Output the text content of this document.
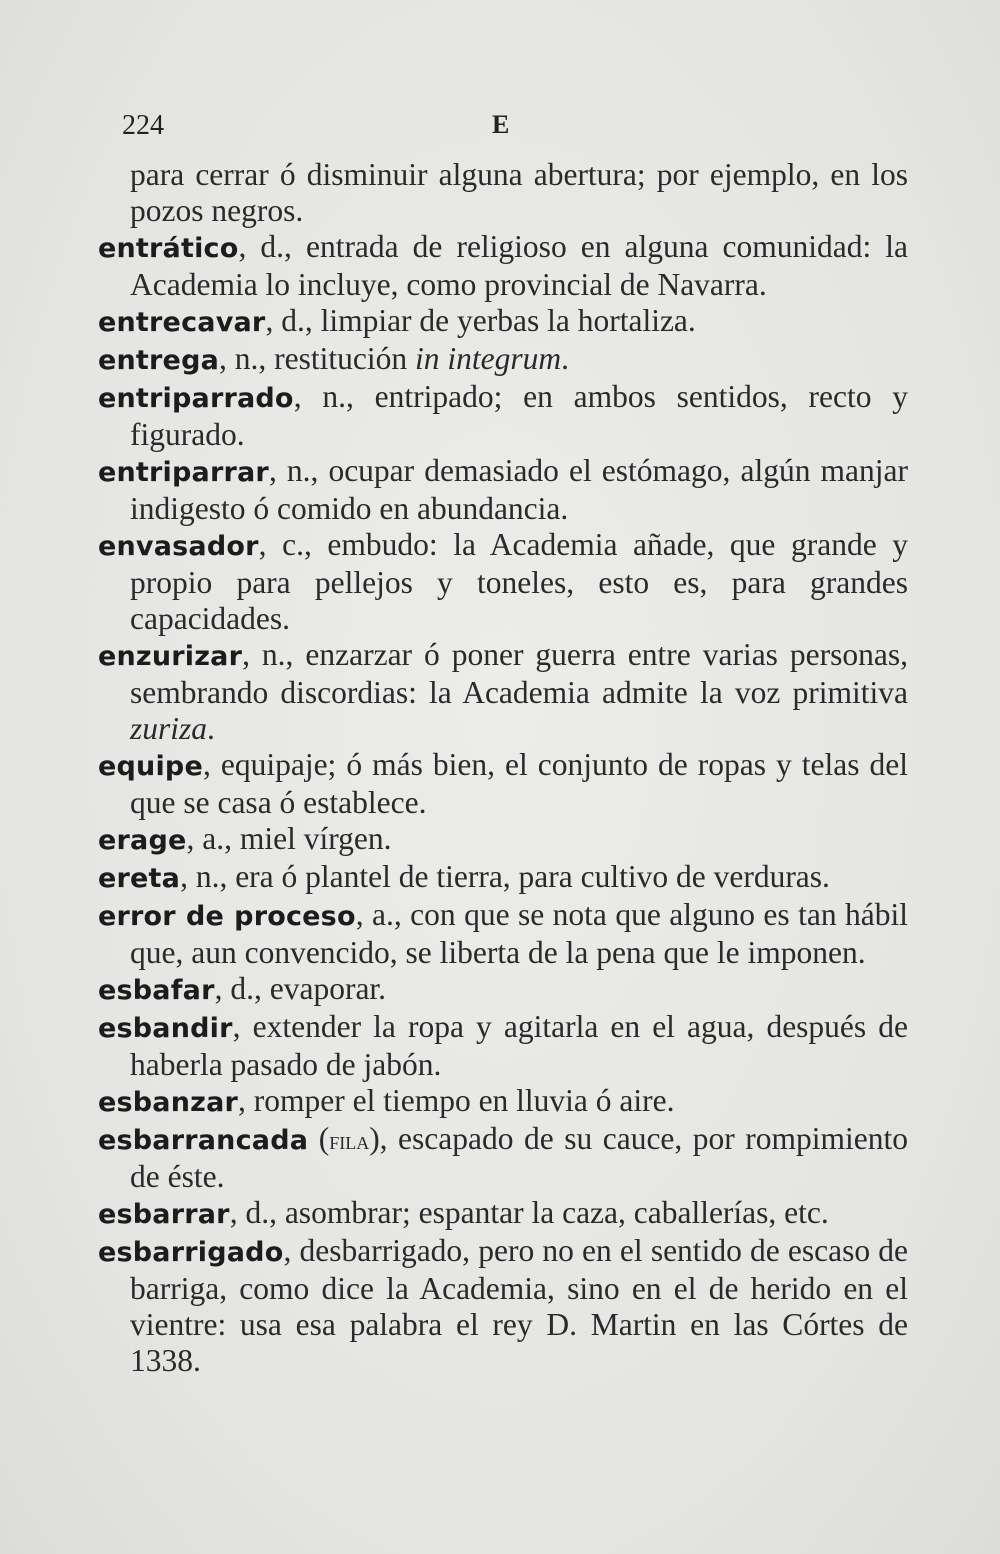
224	E

para cerrar ó disminuir alguna abertura; por ejemplo, en los pozos negros.

entrático, d., entrada de religioso en alguna comunidad: la Academia lo incluye, como provincial de Navarra.

entrecavar, d., limpiar de yerbas la hortaliza.

entrega, n., restitución in integrum.

entriparrado, n., entripado; en ambos sentidos, recto y figurado.

entriparrar, n., ocupar demasiado el estómago, algún manjar indigesto ó comido en abundancia.

envasador, c., embudo: la Academia añade, que grande y propio para pellejos y toneles, esto es, para grandes capacidades.

enzurizar, n., enzarzar ó poner guerra entre varias personas, sembrando discordias: la Academia admite la voz primitiva zuriza.

equipe, equipaje; ó más bien, el conjunto de ropas y telas del que se casa ó establece.

erage, a., miel vírgen.

ereta, n., era ó plantel de tierra, para cultivo de verduras.

error de proceso, a., con que se nota que alguno es tan hábil que, aun convencido, se liberta de la pena que le imponen.

esbafar, d., evaporar.

esbandir, extender la ropa y agitarla en el agua, después de haberla pasado de jabón.

esbanzar, romper el tiempo en lluvia ó aire.

esbarrancada (fila), escapado de su cauce, por rompimiento de éste.

esbarrar, d., asombrar; espantar la caza, caballerías, etc.

esbarrigado, desbarrigado, pero no en el sentido de escaso de barriga, como dice la Academia, sino en el de herido en el vientre: usa esa palabra el rey D. Martin en las Córtes de 1338.
